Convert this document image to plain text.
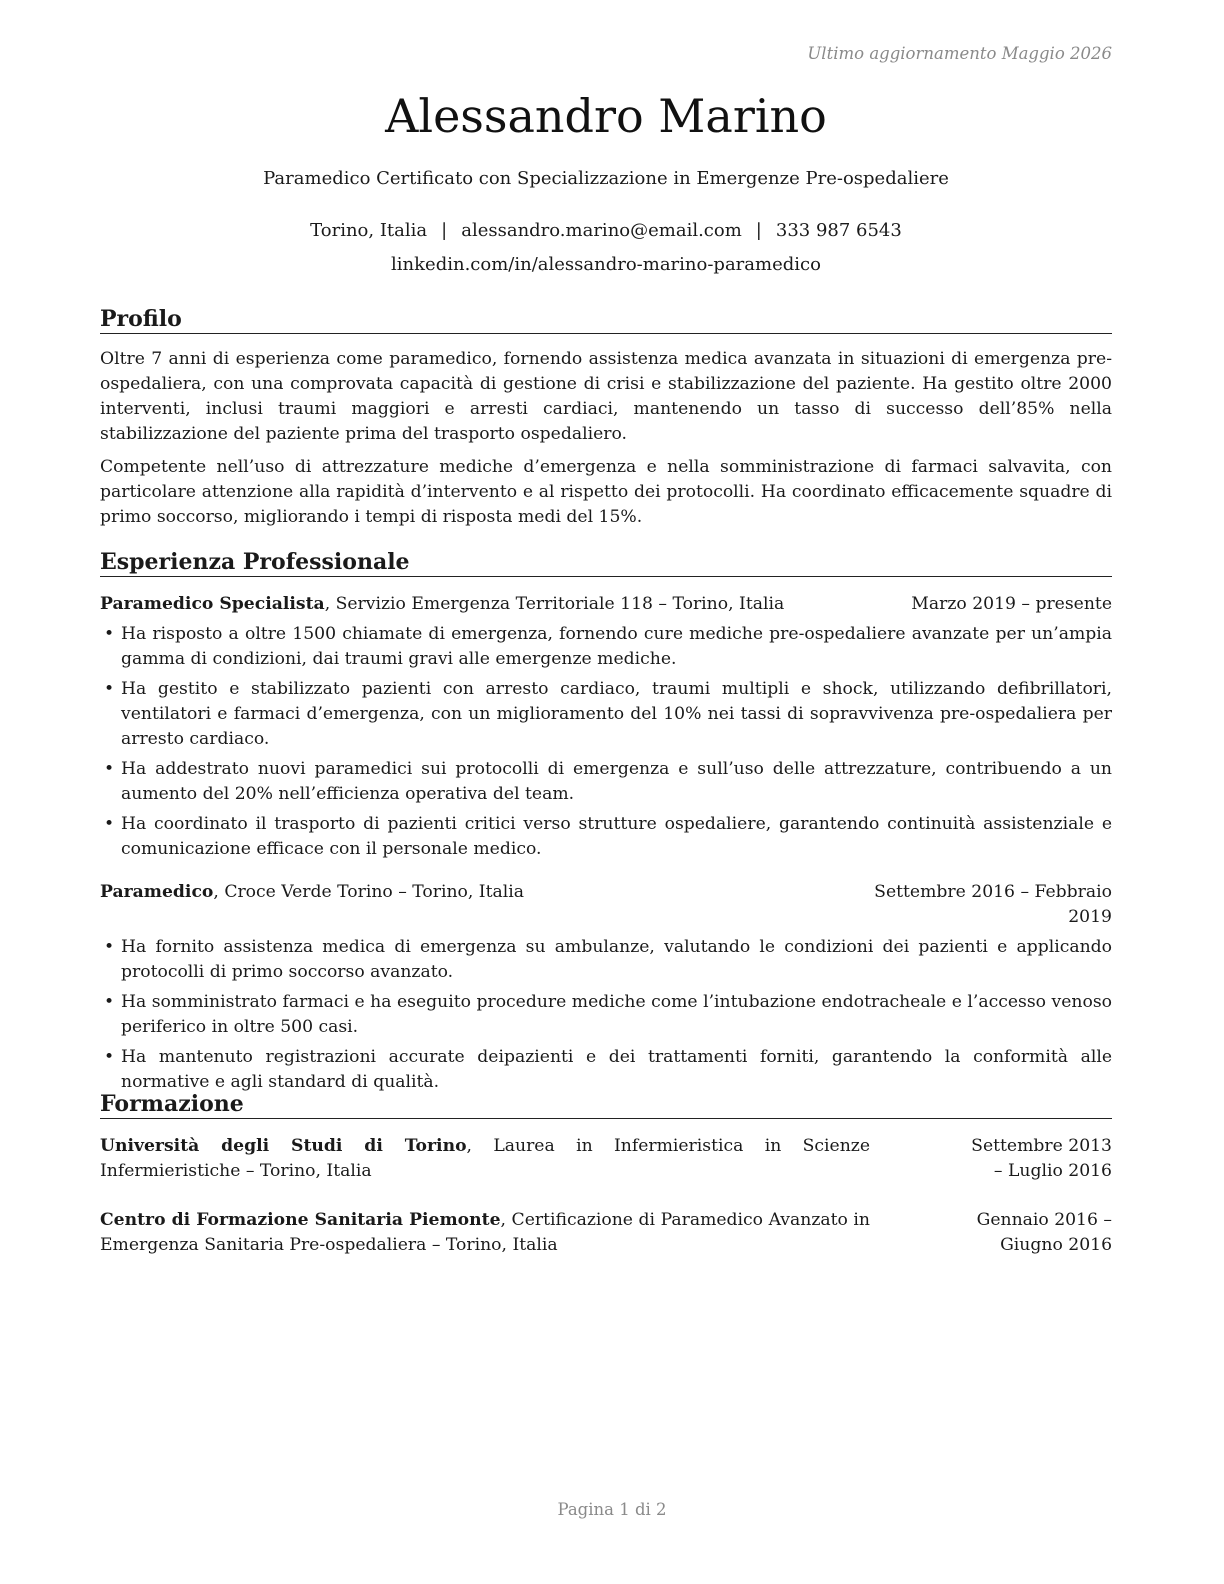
Ultimo aggiornamento Maggio 2026
Alessandro Marino
Paramedico Certificato con Specializzazione in Emergenze Pre-ospedaliere
Torino, Italia | alessandro.marino@email.com | 333 987 6543
linkedin.com/in/alessandro-marino-paramedico
Profilo

Oltre 7 anni di esperienza come paramedico, fornendo assistenza medica avanzata in situazioni di emergenza pre-ospedaliera, con una comprovata capacità di gestione di crisi e stabilizzazione del paziente. Ha gestito oltre 2000 interventi, inclusi traumi maggiori e arresti cardiaci, mantenendo un tasso di successo dell’85% nella stabilizzazione del paziente prima del trasporto ospedaliero.

Competente nell’uso di attrezzature mediche d’emergenza e nella somministrazione di farmaci salvavita, con particolare attenzione alla rapidità d’intervento e al rispetto dei protocolli. Ha coordinato efficacemente squadre di primo soccorso, migliorando i tempi di risposta medi del 15%.

Esperienza Professionale
Paramedico Specialista, Servizio Emergenza Territoriale 118 – Torino, Italia	Marzo 2019 – presente
• Ha risposto a oltre 1500 chiamate di emergenza, fornendo cure mediche pre-ospedaliere avanzate per un’ampia gamma di condizioni, dai traumi gravi alle emergenze mediche.
• Ha gestito e stabilizzato pazienti con arresto cardiaco, traumi multipli e shock, utilizzando defibrillatori, ventilatori e farmaci d’emergenza, con un miglioramento del 10% nei tassi di sopravvivenza pre-ospedaliera per arresto cardiaco.
• Ha addestrato nuovi paramedici sui protocolli di emergenza e sull’uso delle attrezzature, contribuendo a un aumento del 20% nell’efficienza operativa del team.
• Ha coordinato il trasporto di pazienti critici verso strutture ospedaliere, garantendo continuità assistenziale e comunicazione efficace con il personale medico.
Paramedico, Croce Verde Torino – Torino, Italia	Settembre 2016 – Febbraio 2019
• Ha fornito assistenza medica di emergenza su ambulanze, valutando le condizioni dei pazienti e applicando protocolli di primo soccorso avanzato.
• Ha somministrato farmaci e ha eseguito procedure mediche come l’intubazione endotracheale e l’accesso venoso periferico in oltre 500 casi.
• Ha mantenuto registrazioni accurate deipazienti e dei trattamenti forniti, garantendo la conformità alle normative e agli standard di qualità.
Formazione
Università degli Studi di Torino, Laurea in Infermieristica in Scienze Infermieristiche – Torino, Italia
Settembre 2013 – Luglio 2016
Centro di Formazione Sanitaria Piemonte, Certificazione di Paramedico Avanzato in Emergenza Sanitaria Pre-ospedaliera – Torino, Italia
Gennaio 2016 – Giugno 2016
Pagina 1 di 2
